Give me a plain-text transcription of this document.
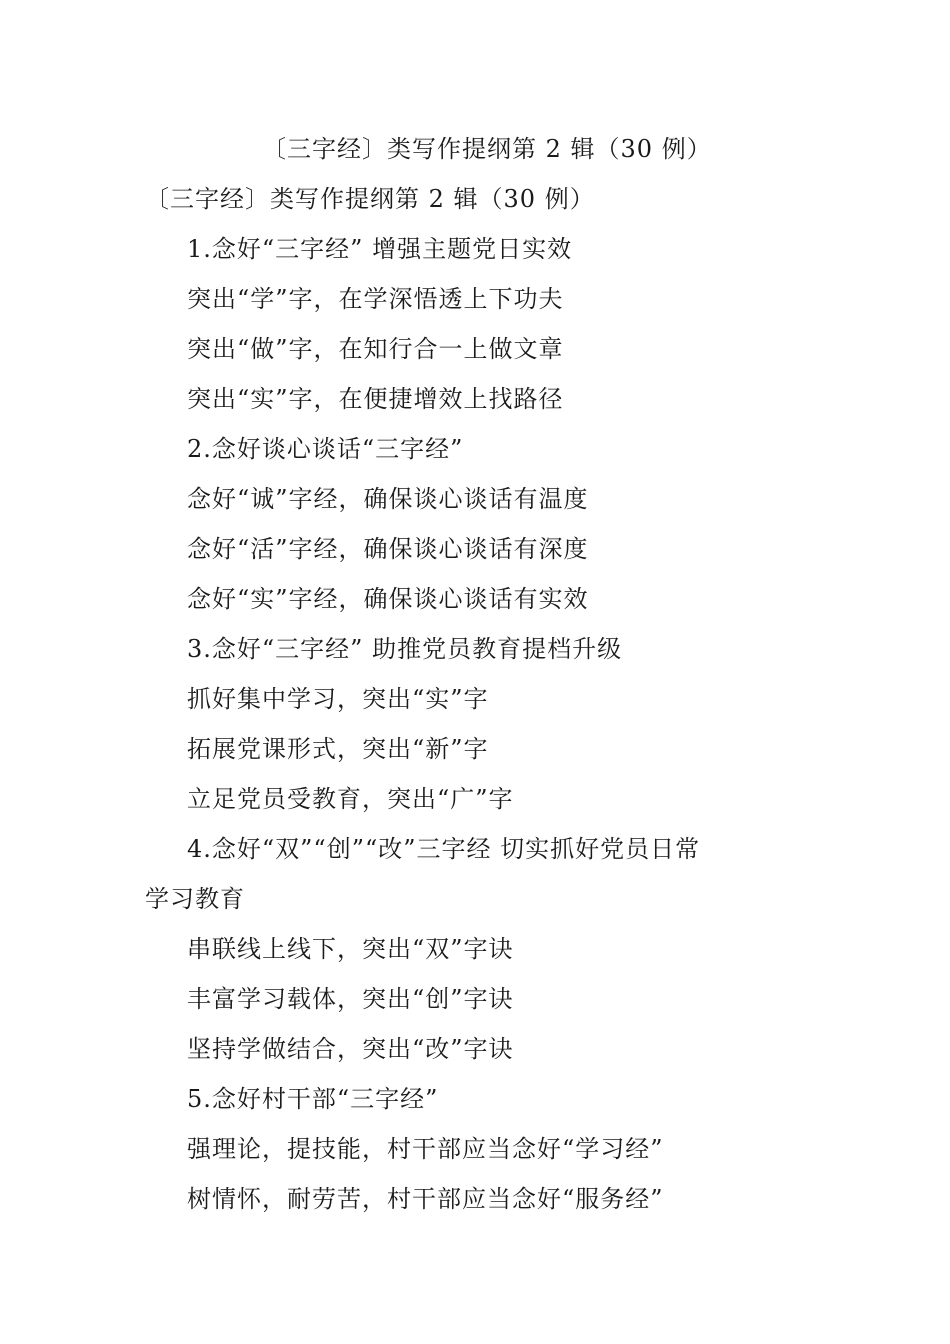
〔三字经〕类写作提纲第 2 辑（30 例）
〔三字经〕类写作提纲第 2 辑（30 例）
1.念好“三字经” 增强主题党日实效
突出“学”字，在学深悟透上下功夫
突出“做”字，在知行合一上做文章
突出“实”字，在便捷增效上找路径
2.念好谈心谈话“三字经”
念好“诚”字经，确保谈心谈话有温度
念好“活”字经，确保谈心谈话有深度
念好“实”字经，确保谈心谈话有实效
3.念好“三字经” 助推党员教育提档升级
抓好集中学习，突出“实”字
拓展党课形式，突出“新”字
立足党员受教育，突出“广”字
4.念好“双”“创”“改”三字经 切实抓好党员日常
学习教育
串联线上线下，突出“双”字诀
丰富学习载体，突出“创”字诀
坚持学做结合，突出“改”字诀
5.念好村干部“三字经”
强理论，提技能，村干部应当念好“学习经”
树情怀，耐劳苦，村干部应当念好“服务经”
